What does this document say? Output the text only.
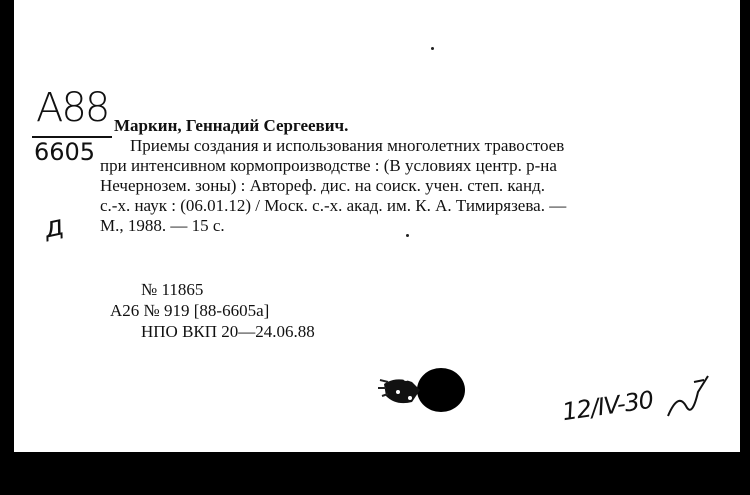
А88
6605
д
Маркин, Геннадий Сергеевич.
Приемы создания и использования многолетних травостоев
при интенсивном кормопроизводстве : (В условиях центр. р-на
Нечернозем. зоны) : Автореф. дис. на соиск. учен. степ. канд.
с.-х. наук : (06.01.12) / Моск. с.-х. акад. им. К. А. Тимирязева. —
М., 1988. — 15 с.
№ 11865
А26 № 919 [88-6605а]
НПО ВКП 20—24.06.88
12/IV-30
